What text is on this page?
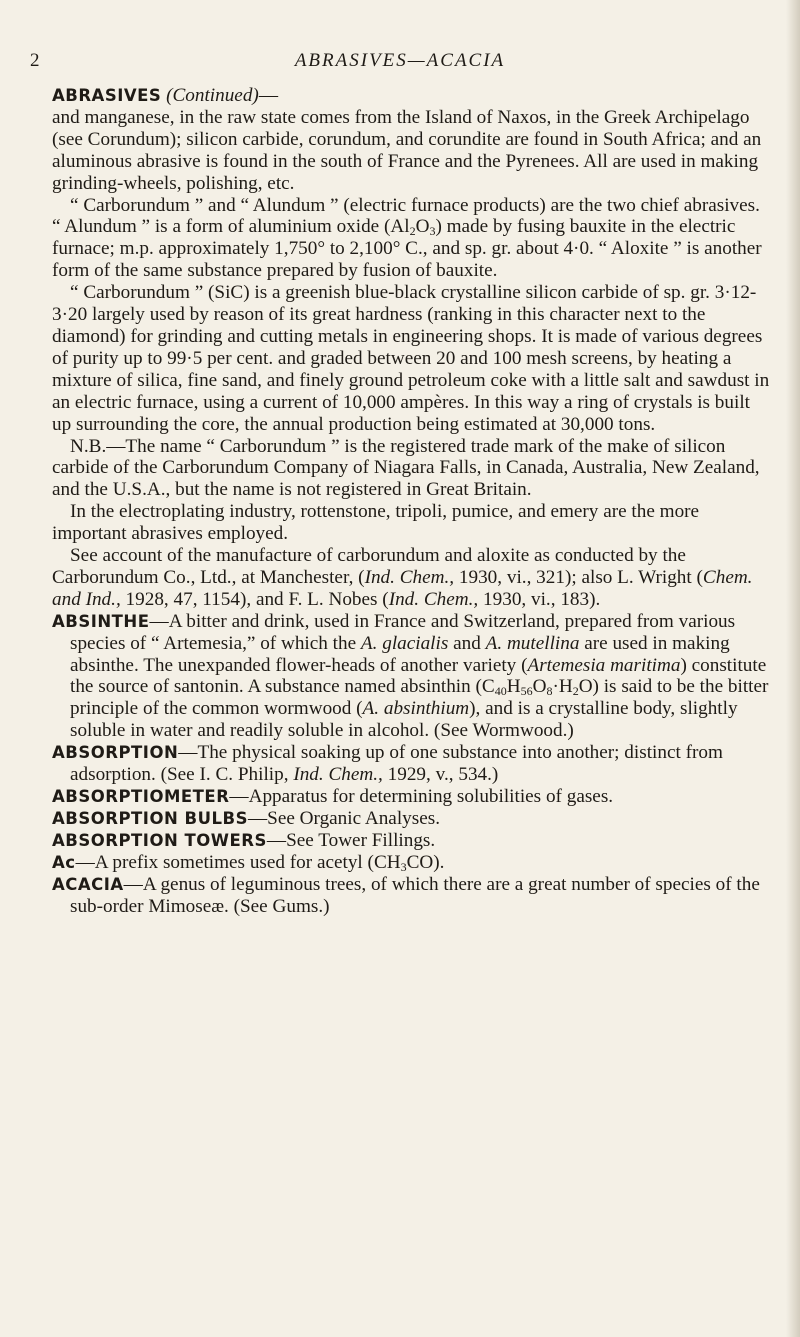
2	ABRASIVES—ACACIA

ABRASIVES (Continued)—

and manganese, in the raw state comes from the Island of Naxos, in the Greek Archipelago (see Corundum); silicon carbide, corundum, and corundite are found in South Africa; and an aluminous abrasive is found in the south of France and the Pyrenees. All are used in making grinding-wheels, polishing, etc.

“ Carborundum ” and “ Alundum ” (electric furnace products) are the two chief abrasives. “ Alundum ” is a form of aluminium oxide $(Al_2O_3)$ made by fusing bauxite in the electric furnace; m.p. approximately 1,750° to 2,100° C., and sp. gr. about 4·0. “ Aloxite ” is another form of the same substance prepared by fusion of bauxite.

“ Carborundum ” (SiC) is a greenish blue-black crystalline silicon carbide of sp. gr. 3·12-3·20 largely used by reason of its great hardness (ranking in this character next to the diamond) for grinding and cutting metals in engineering shops. It is made of various degrees of purity up to 99·5 per cent. and graded between 20 and 100 mesh screens, by heating a mixture of silica, fine sand, and finely ground petroleum coke with a little salt and sawdust in an electric furnace, using a current of 10,000 ampères. In this way a ring of crystals is built up surrounding the core, the annual production being estimated at 30,000 tons.

N.B.—The name “ Carborundum ” is the registered trade mark of the make of silicon carbide of the Carborundum Company of Niagara Falls, in Canada, Australia, New Zealand, and the U.S.A., but the name is not registered in Great Britain.

In the electroplating industry, rottenstone, tripoli, pumice, and emery are the more important abrasives employed.

See account of the manufacture of carborundum and aloxite as conducted by the Carborundum Co., Ltd., at Manchester, (Ind. Chem., 1930, vi., 321); also L. Wright (Chem. and Ind., 1928, 47, 1154), and F. L. Nobes (Ind. Chem., 1930, vi., 183).

ABSINTHE—A bitter and drink, used in France and Switzerland, prepared from various species of “ Artemesia,” of which the A. glacialis and A. mutellina are used in making absinthe. The unexpanded flower-heads of another variety (Artemesia maritima) constitute the source of santonin. A substance named absinthin $(C_{40}H_{56}O_8\cdot H_2O)$ is said to be the bitter principle of the common wormwood (A. absinthium), and is a crystalline body, slightly soluble in water and readily soluble in alcohol. (See Wormwood.)

ABSORPTION—The physical soaking up of one substance into another; distinct from adsorption. (See I. C. Philip, Ind. Chem., 1929, v., 534.)

ABSORPTIOMETER—Apparatus for determining solubilities of gases.

ABSORPTION BULBS—See Organic Analyses.

ABSORPTION TOWERS—See Tower Fillings.

Ac—A prefix sometimes used for acetyl $(CH_3CO)$.

ACACIA—A genus of leguminous trees, of which there are a great number of species of the sub-order Mimoseæ. (See Gums.)
